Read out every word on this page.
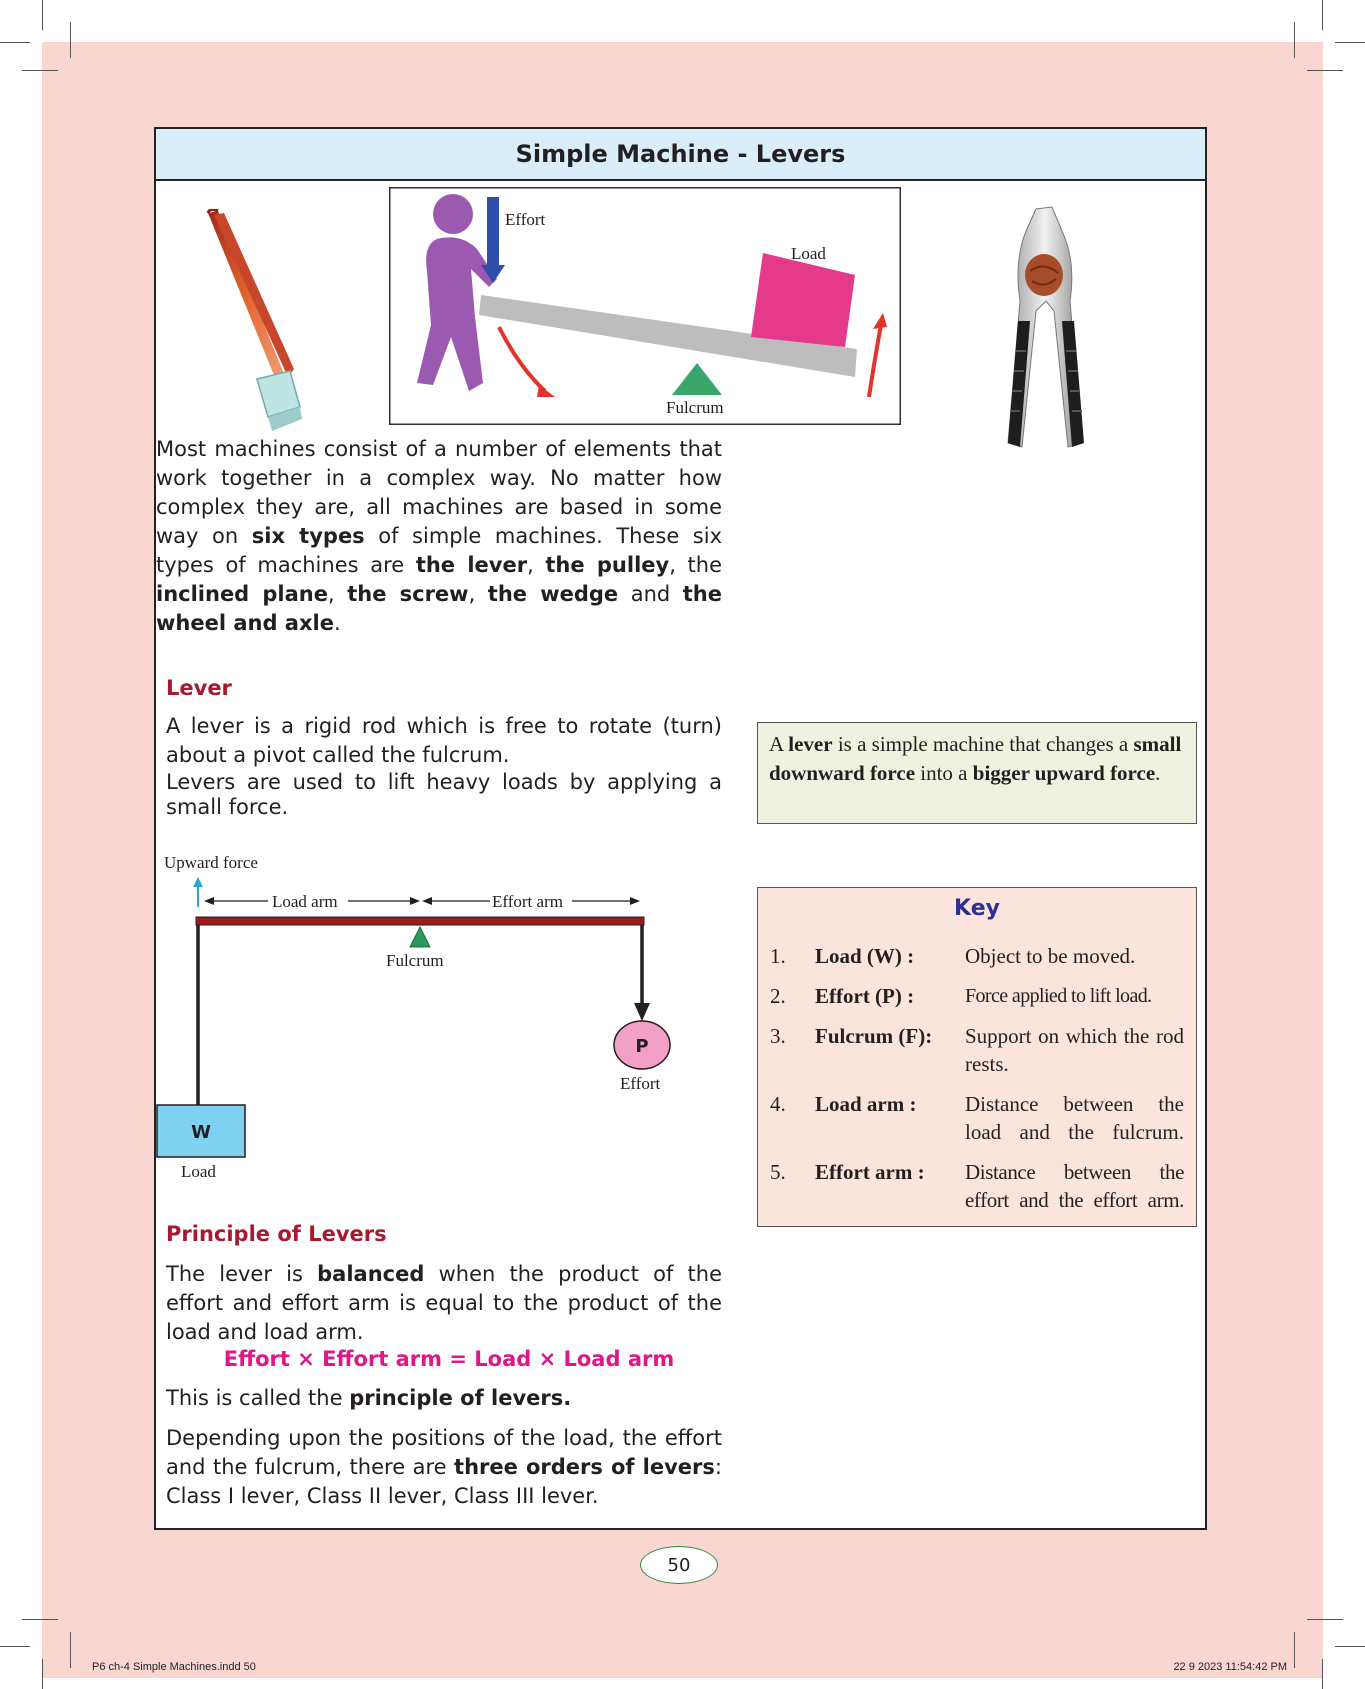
Simple Machine - Levers
Effort
Load
Fulcrum
Most machines consist of a number of elements that work together in a complex way. No matter how complex they are, all machines are based in some way on six types of simple machines. These six types of machines are the lever, the pulley, the inclined plane, the screw, the wedge and the wheel and axle.
Lever
A lever is a rigid rod which is free to rotate (turn) about a pivot called the fulcrum.
Levers are used to lift heavy loads by applying a small force.
A lever is a simple machine that changes a small downward force into a bigger upward force.
Upward force
Load arm	Effort arm
Fulcrum
P
Effort
W
Load
Key
1.	Load (W) : Object to be moved.
2.	Effort (P) :	Force applied to lift load.
3.	Fulcrum (F): Support on which the rod rests.
4.	Load arm : Distance between the load and the fulcrum.
5.	Effort arm : Distance between the effort and the effort arm.
Principle of Levers
The lever is balanced when the product of the effort and effort arm is equal to the product of the load and load arm.
Effort × Effort arm = Load × Load arm
This is called the principle of levers.
Depending upon the positions of the load, the effort and the fulcrum, there are three orders of levers: Class I lever, Class II lever, Class III lever.
50
P6 ch-4 Simple Machines.indd 50	22 9 2023 11:54:42 PM
